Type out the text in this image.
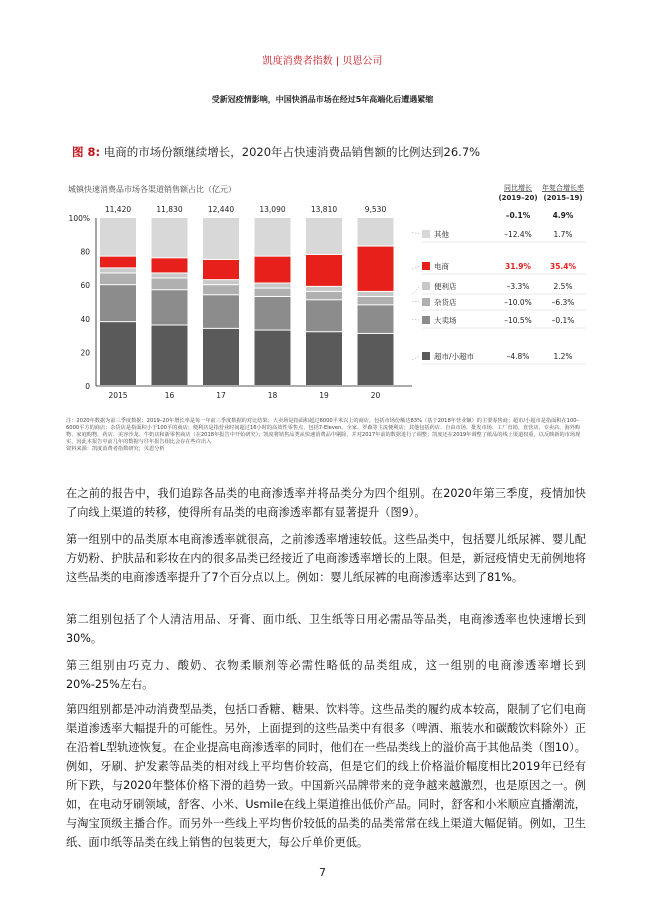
凯度消费者指数 | 贝恩公司
受新冠疫情影响，中国快消品市场在经过5年高端化后遭遇紧缩
图 8: 电商的市场份额继续增长，2020年占快速消费品销售额的比例达到26.7%
城镇快速消费品市场各渠道销售额占比（亿元）
0
20
40
60
80
100%
11,420
2015
11,830
16
12,440
17
13,090
18
13,810
19
9,530
20
同比增长
(2019–20)
年复合增长率
(2015–19)
–0.1%	4.9%
超市/小超市	–4.8%	1.2%
大卖场	–10.5%	–0.1%
杂货店	–10.0%	–6.3%
便利店	–3.3%	2.5%
电商	31.9%	35.4%
其他	–12.4%	1.7%
注：2020年数据为前三季度数据；2019–20年增长率是每一年前三季度数据的对比结果；大卖场是指面积超过6000平米以上的商店，包括市场份额达83%（基于2018年营业额）的主要零售商；超市/小超市是指面积在100–6000平方的商店；杂货店是指面积小于100平的商店；便利店是指营业时间超过16小时的高效性零售点，包括7-Eleven、全家、罗森等主流便利店；其他包括药店、自由市场、批发市场、工厂直销、直营店、专卖店、海外购物、家庭购物、药店、美容沙龙、牛奶店和新零售商店（在2018年报告中开始研究）；凯度将销售品类从快速消费品中剔除，并对2017年前的数据进行了调整；凯度还在2019年调整了纸品的线上渠道权重，以反映新的市场现实，因此本报告中前几年的数据与往年报告相比会存在些许出入
资料来源：凯度消费者指数研究；贝恩分析
在之前的报告中，我们追踪各品类的电商渗透率并将品类分为四个组别。在2020年第三季度，疫情加快了向线上渠道的转移，使得所有品类的电商渗透率都有显著提升（图9）。
第一组别中的品类原本电商渗透率就很高，之前渗透率增速较低。这些品类中，包括婴儿纸尿裤、婴儿配方奶粉、护肤品和彩妆在内的很多品类已经接近了电商渗透率增长的上限。但是，新冠疫情史无前例地将这些品类的电商渗透率提升了7个百分点以上。例如：婴儿纸尿裤的电商渗透率达到了81%。
第二组别包括了个人清洁用品、牙膏、面巾纸、卫生纸等日用必需品等品类，电商渗透率也快速增长到30%。
第三组别由巧克力、酸奶、衣物柔顺剂等必需性略低的品类组成，这一组别的电商渗透率增长到20%-25%左右。
第四组别都是冲动消费型品类，包括口香糖、糖果、饮料等。这些品类的履约成本较高，限制了它们电商渠道渗透率大幅提升的可能性。另外，上面提到的这些品类中有很多（啤酒、瓶装水和碳酸饮料除外）正在沿着L型轨迹恢复。在企业提高电商渗透率的同时，他们在一些品类线上的溢价高于其他品类（图10）。例如，牙刷、护发素等品类的相对线上平均售价较高，但是它们的线上价格溢价幅度相比2019年已经有所下跌，与2020年整体价格下滑的趋势一致。中国新兴品牌带来的竞争越来越激烈，也是原因之一。例如，在电动牙刷领域，舒客、小米、Usmile在线上渠道推出低价产品。同时，舒客和小米顺应直播潮流，与淘宝顶级主播合作。而另外一些线上平均售价较低的品类的品类常常在线上渠道大幅促销。例如，卫生纸、面巾纸等品类在线上销售的包装更大，每公斤单价更低。
7
